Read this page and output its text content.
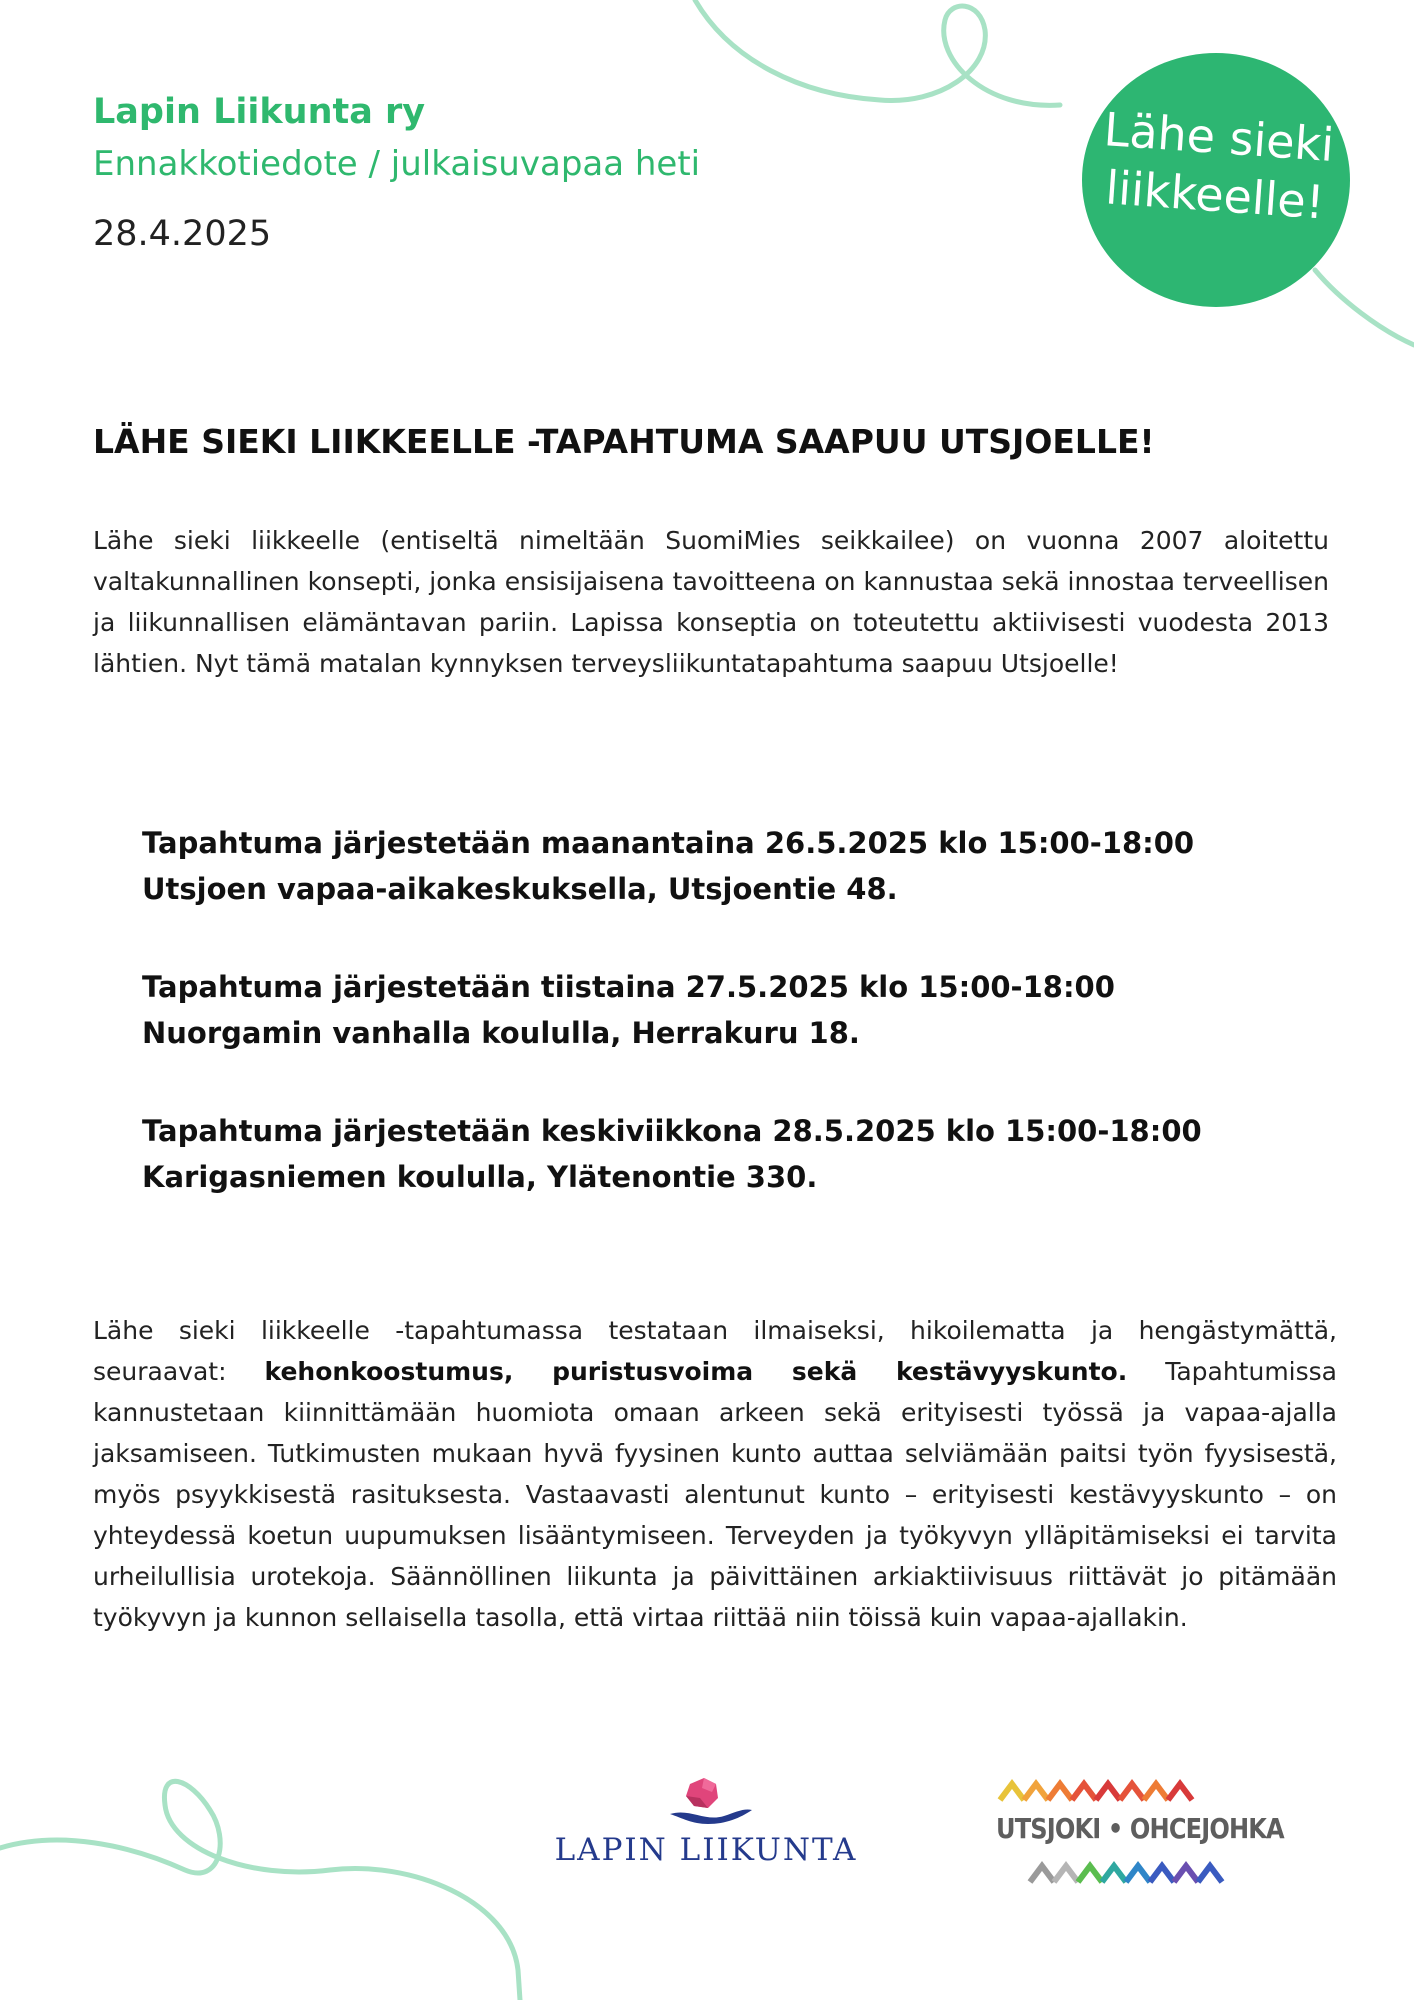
Lapin Liikunta ry
Ennakkotiedote / julkaisuvapaa heti
28.4.2025
Lähe sieki
liikkeelle!
LÄHE SIEKI LIIKKEELLE -TAPAHTUMA SAAPUU UTSJOELLE!
Lähe sieki liikkeelle (entiseltä nimeltään SuomiMies seikkailee) on vuonna 2007 aloitettu valtakunnallinen konsepti, jonka ensisijaisena tavoitteena on kannustaa sekä innostaa terveellisen ja liikunnallisen elämäntavan pariin. Lapissa konseptia on toteutettu aktiivisesti vuodesta 2013 lähtien. Nyt tämä matalan kynnyksen terveysliikuntatapahtuma saapuu Utsjoelle!
Tapahtuma järjestetään maanantaina 26.5.2025 klo 15:00-18:00
Utsjoen vapaa-aikakeskuksella, Utsjoentie 48.
Tapahtuma järjestetään tiistaina 27.5.2025 klo 15:00-18:00
Nuorgamin vanhalla koululla, Herrakuru 18.
Tapahtuma järjestetään keskiviikkona 28.5.2025 klo 15:00-18:00
Karigasniemen koululla, Ylätenontie 330.
Lähe sieki liikkeelle -tapahtumassa testataan ilmaiseksi, hikoilematta ja hengästymättä, seuraavat: kehonkoostumus, puristusvoima sekä kestävyyskunto. Tapahtumissa kannustetaan kiinnittämään huomiota omaan arkeen sekä erityisesti työssä ja vapaa-ajalla jaksamiseen. Tutkimusten mukaan hyvä fyysinen kunto auttaa selviämään paitsi työn fyysisestä, myös psyykkisestä rasituksesta. Vastaavasti alentunut kunto – erityisesti kestävyyskunto – on yhteydessä koetun uupumuksen lisääntymiseen. Terveyden ja työkyvyn ylläpitämiseksi ei tarvita urheilullisia urotekoja. Säännöllinen liikunta ja päivittäinen arkiaktiivisuus riittävät jo pitämään työkyvyn ja kunnon sellaisella tasolla, että virtaa riittää niin töissä kuin vapaa-ajallakin.
LAPIN LIIKUNTA
UTSJOKI • OHCEJOHKA
